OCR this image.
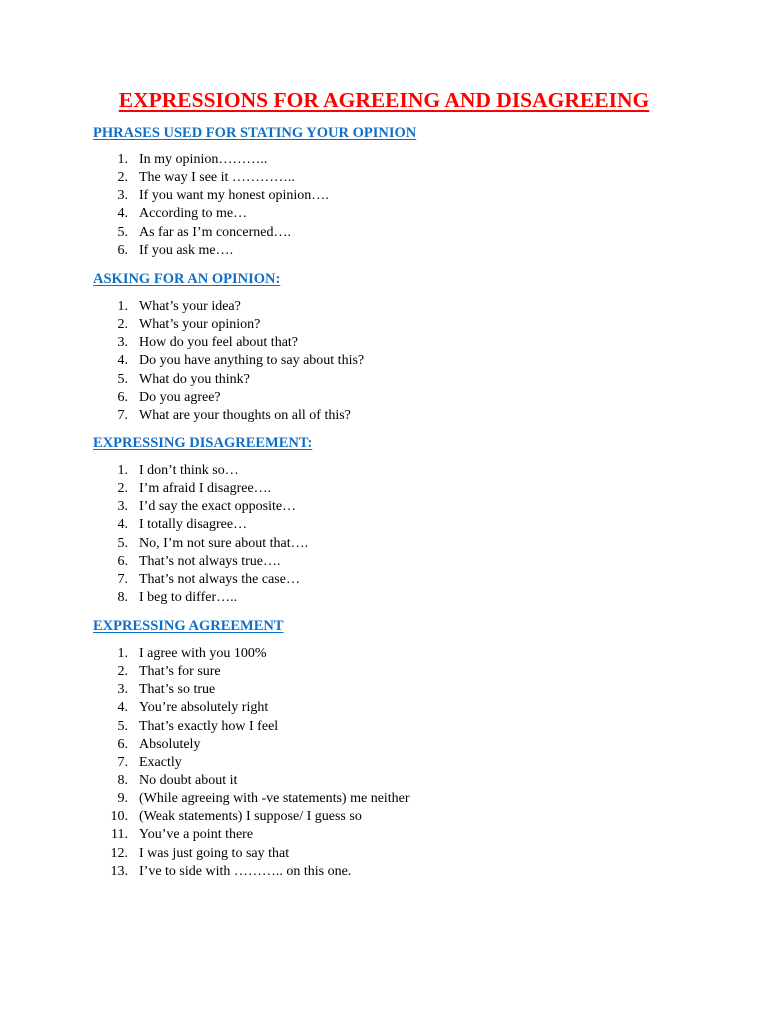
EXPRESSIONS FOR AGREEING AND DISAGREEING
PHRASES USED FOR STATING YOUR OPINION
1. In my opinion………..
2. The way I see it …………..
3. If you want my honest opinion….
4. According to me…
5. As far as I’m concerned….
6. If you ask me….
ASKING FOR AN OPINION:
1. What’s your idea?
2. What’s your opinion?
3. How do you feel about that?
4. Do you have anything to say about this?
5. What do you think?
6. Do you agree?
7. What are your thoughts on all of this?
EXPRESSING DISAGREEMENT:
1. I don’t think so…
2. I’m afraid I disagree….
3. I’d say the exact opposite…
4. I totally disagree…
5. No, I’m not sure about that….
6. That’s not always true….
7. That’s not always the case…
8. I beg to differ…..
EXPRESSING AGREEMENT
1. I agree with you 100%
2. That’s for sure
3. That’s so true
4. You’re absolutely right
5. That’s exactly how I feel
6. Absolutely
7. Exactly
8. No doubt about it
9. (While agreeing with -ve statements) me neither
10. (Weak statements) I suppose/ I guess so
11. You’ve a point there
12. I was just going to say that
13. I’ve to side with ……….. on this one.
